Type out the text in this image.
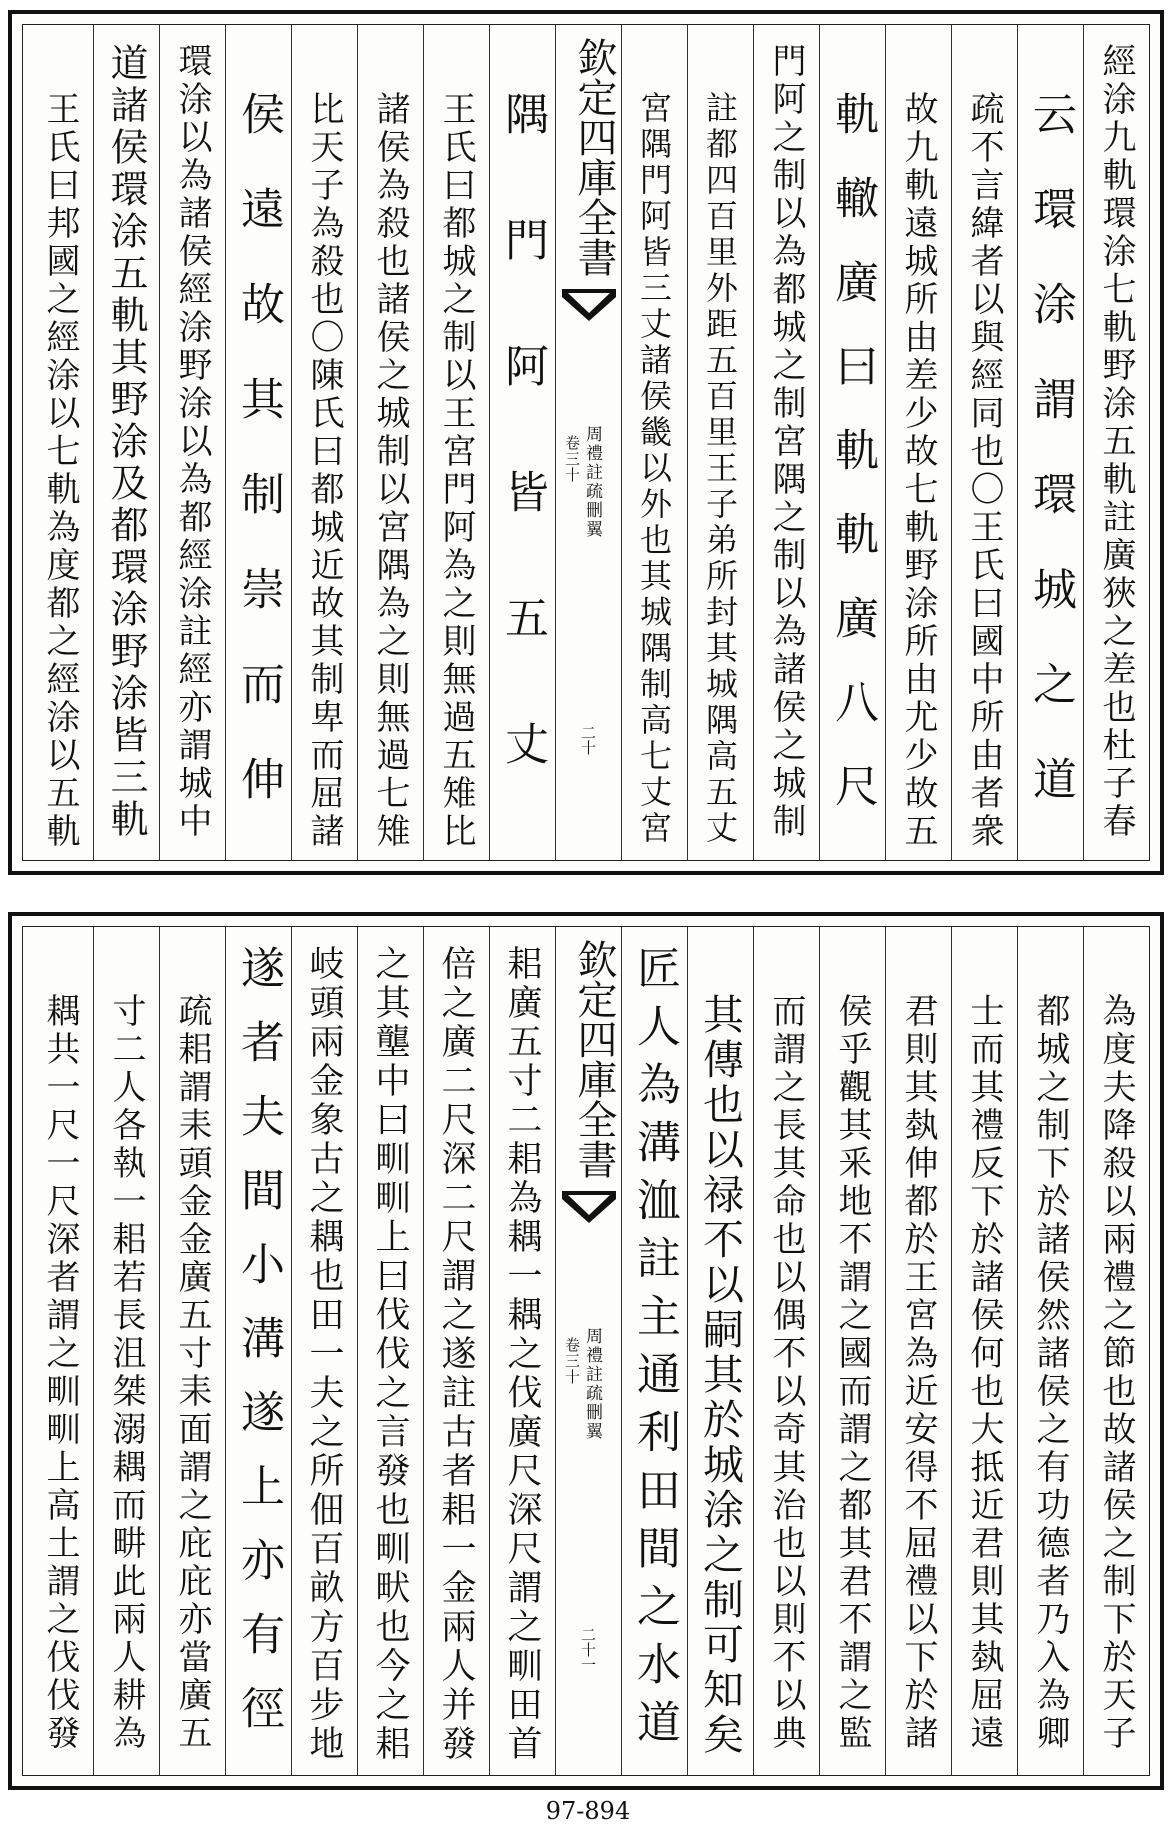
經涂九軌環涂七軌野涂五軌註廣狹之差也杜子春
云環涂謂環城之道
疏不言緯者以與經同也〇王氏曰國中所由者衆
故九軌遠城所由差少故七軌野涂所由尤少故五
軌轍廣曰軌軌廣八尺
門阿之制以為都城之制宮隅之制以為諸侯之城制
註都四百里外距五百里王子弟所封其城隅高五丈
宮隅門阿皆三丈諸侯畿以外也其城隅制高七丈宮
欽定四庫全書
周禮註疏刪翼
卷三十
二十
隅門阿皆五丈
王氏曰都城之制以王宮門阿為之則無過五雉比
諸侯為殺也諸侯之城制以宮隅為之則無過七雉
比天子為殺也〇陳氏曰都城近故其制卑而屈諸
侯遠故其制崇而伸
環涂以為諸侯經涂野涂以為都經涂註經亦謂城中
道諸侯環涂五軌其野涂及都環涂野涂皆三軌
王氏曰邦國之經涂以七軌為度都之經涂以五軌
為度夫降殺以兩禮之節也故諸侯之制下於天子
都城之制下於諸侯然諸侯之有功德者乃入為卿
士而其禮反下於諸侯何也大抵近君則其埶屈遠
君則其埶伸都於王宮為近安得不屈禮以下於諸
侯乎觀其釆地不謂之國而謂之都其君不謂之監
而謂之長其命也以偶不以奇其治也以則不以典
其傳也以禄不以嗣其於城涂之制可知矣
匠人為溝洫註主通利田間之水道
欽定四庫全書
周禮註疏刪翼
卷三十
二十一
耜廣五寸二耜為耦一耦之伐廣尺深尺謂之甽田首
倍之廣二尺深二尺謂之遂註古者耜一金兩人并發
之其壟中曰甽甽上曰伐伐之言發也甽畎也今之耜
岐頭兩金象古之耦也田一夫之所佃百畝方百步地
遂者夫間小溝遂上亦有徑
疏耜謂耒頭金金廣五寸耒面謂之庇庇亦當廣五
寸二人各執一耜若長沮桀溺耦而畊此兩人耕為
耦共一尺一尺深者謂之甽甽上高土謂之伐伐發
97-894
